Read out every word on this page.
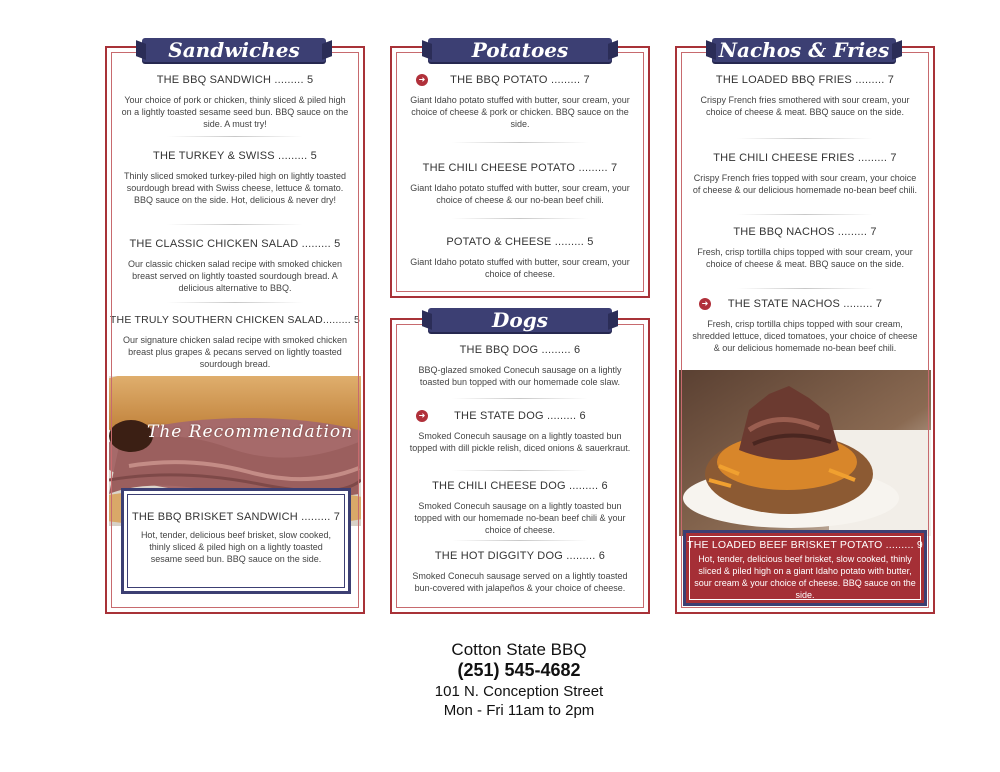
THE BBQ SANDWICH ......... 5
Your choice of pork or chicken, thinly sliced & piled high on a lightly toasted sesame seed bun. BBQ sauce on the side. A must try!
THE TURKEY & SWISS ......... 5
Thinly sliced smoked turkey-piled high on lightly toasted sourdough bread with Swiss cheese, lettuce & tomato. BBQ sauce on the side. Hot, delicious & never dry!
THE CLASSIC CHICKEN SALAD ......... 5
Our classic chicken salad recipe with smoked chicken breast served on lightly toasted sourdough bread. A delicious alternative to BBQ.
THE TRULY SOUTHERN CHICKEN SALAD......... 5
Our signature chicken salad recipe with smoked chicken breast plus grapes & pecans served on lightly toasted sourdough bread.
The Recommendation
THE BBQ BRISKET SANDWICH ......... 7
Hot, tender, delicious beef brisket, slow cooked, thinly sliced & piled high on a lightly toasted sesame seed bun. BBQ sauce on the side.
Sandwiches
➜	THE BBQ POTATO ......... 7
Giant Idaho potato stuffed with butter, sour cream, your choice of cheese & pork or chicken. BBQ sauce on the side.
THE CHILI CHEESE POTATO ......... 7
Giant Idaho potato stuffed with butter, sour cream, your choice of cheese & our no-bean beef chili.
POTATO & CHEESE ......... 5
Giant Idaho potato stuffed with butter, sour cream, your choice of cheese.
Potatoes
THE BBQ DOG ......... 6
BBQ-glazed smoked Conecuh sausage on a lightly toasted bun topped with our homemade cole slaw.
➜	THE STATE DOG ......... 6
Smoked Conecuh sausage on a lightly toasted bun topped with dill pickle relish, diced onions & sauerkraut.
THE CHILI CHEESE DOG ......... 6
Smoked Conecuh sausage on a lightly toasted bun topped with our homemade no-bean beef chili & your choice of cheese.
THE HOT DIGGITY DOG ......... 6
Smoked Conecuh sausage served on a lightly toasted bun-covered with jalapeños & your choice of cheese.
Dogs
THE LOADED BBQ FRIES ......... 7
Crispy French fries smothered with sour cream, your choice of cheese & meat. BBQ sauce on the side.
THE CHILI CHEESE FRIES ......... 7
Crispy French fries topped with sour cream, your choice of cheese & our delicious homemade no-bean beef chili.
THE BBQ NACHOS ......... 7
Fresh, crisp tortilla chips topped with sour cream, your choice of cheese & meat. BBQ sauce on the side.
➜	THE STATE NACHOS ......... 7
Fresh, crisp tortilla chips topped with sour cream, shredded lettuce, diced tomatoes, your choice of cheese & our delicious homemade no-bean beef chili.
THE LOADED BEEF BRISKET POTATO ......... 9
Hot, tender, delicious beef brisket, slow cooked, thinly sliced & piled high on a giant Idaho potato with butter, sour cream & your choice of cheese. BBQ sauce on the side.
Nachos & Fries
Cotton State BBQ
(251) 545-4682
101 N. Conception Street
Mon - Fri 11am to 2pm
